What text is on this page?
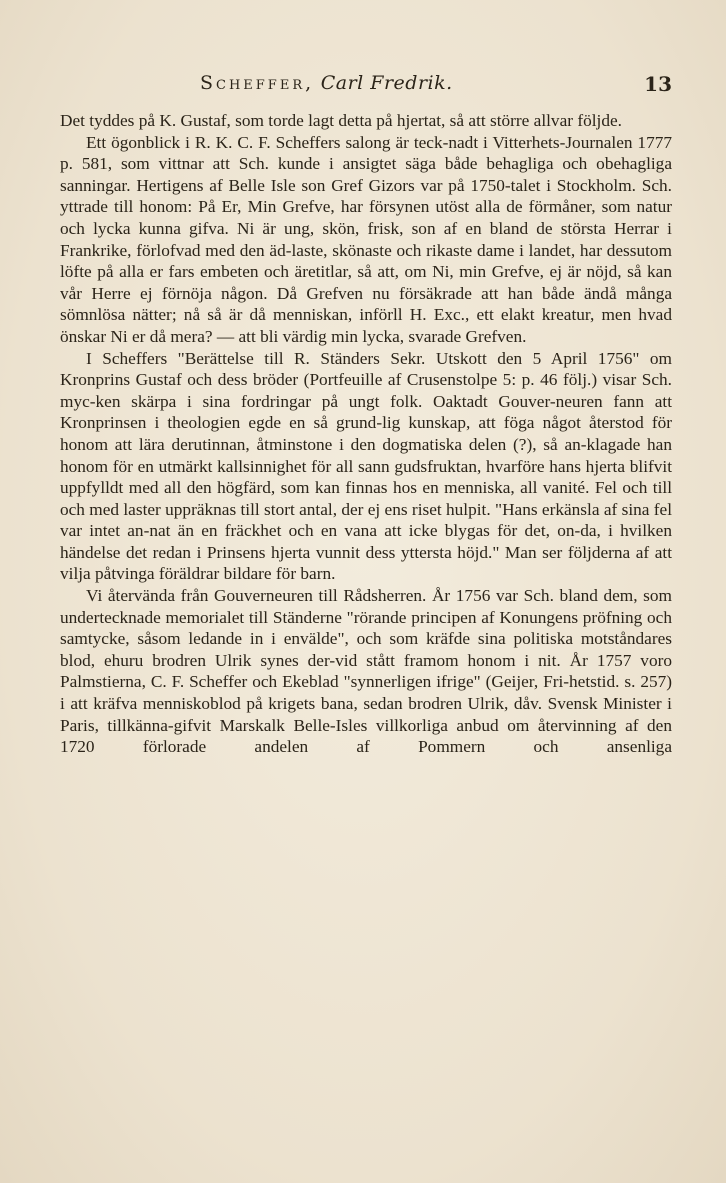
Scheffer, Carl Fredrik.	13

Det tyddes på K. Gustaf, som torde lagt detta på hjertat, så att större allvar följde.

Ett ögonblick i R. K. C. F. Scheffers salong är teck-nadt i Vitterhets-Journalen 1777 p. 581, som vittnar att Sch. kunde i ansigtet säga både behagliga och obehagliga sanningar. Hertigens af Belle Isle son Gref Gizors var på 1750-talet i Stockholm. Sch. yttrade till honom: På Er, Min Grefve, har försynen utöst alla de förmåner, som natur och lycka kunna gifva. Ni är ung, skön, frisk, son af en bland de största Herrar i Frankrike, förlofvad med den äd-laste, skönaste och rikaste dame i landet, har dessutom löfte på alla er fars embeten och äretitlar, så att, om Ni, min Grefve, ej är nöjd, så kan vår Herre ej förnöja någon. Då Grefven nu försäkrade att han både ändå många sömnlösa nätter; nå så är då menniskan, införll H. Exc., ett elakt kreatur, men hvad önskar Ni er då mera? — att bli värdig min lycka, svarade Grefven.

I Scheffers "Berättelse till R. Ständers Sekr. Utskott den 5 April 1756" om Kronprins Gustaf och dess bröder (Portfeuille af Crusenstolpe 5: p. 46 följ.) visar Sch. myc-ken skärpa i sina fordringar på ungt folk. Oaktadt Gouver-neuren fann att Kronprinsen i theologien egde en så grund-lig kunskap, att föga något återstod för honom att lära derutinnan, åtminstone i den dogmatiska delen (?), så an-klagade han honom för en utmärkt kallsinnighet för all sann gudsfruktan, hvarföre hans hjerta blifvit uppfylldt med all den högfärd, som kan finnas hos en menniska, all vanité. Fel och till och med laster uppräknas till stort antal, der ej ens riset hulpit. "Hans erkänsla af sina fel var intet an-nat än en fräckhet och en vana att icke blygas för det, on-da, i hvilken händelse det redan i Prinsens hjerta vunnit dess yttersta höjd." Man ser följderna af att vilja påtvinga föräldrar bildare för barn.

Vi återvända från Gouverneuren till Rådsherren. År 1756 var Sch. bland dem, som undertecknade memorialet till Ständerne "rörande principen af Konungens pröfning och samtycke, såsom ledande in i envälde", och som kräfde sina politiska motståndares blod, ehuru brodren Ulrik synes der-vid stått framom honom i nit. År 1757 voro Palmstierna, C. F. Scheffer och Ekeblad "synnerligen ifrige" (Geijer, Fri-hetstid. s. 257) i att kräfva menniskoblod på krigets bana, sedan brodren Ulrik, dåv. Svensk Minister i Paris, tillkänna-gifvit Marskalk Belle-Isles villkorliga anbud om återvinning af den 1720 förlorade andelen af Pommern och ansenliga
